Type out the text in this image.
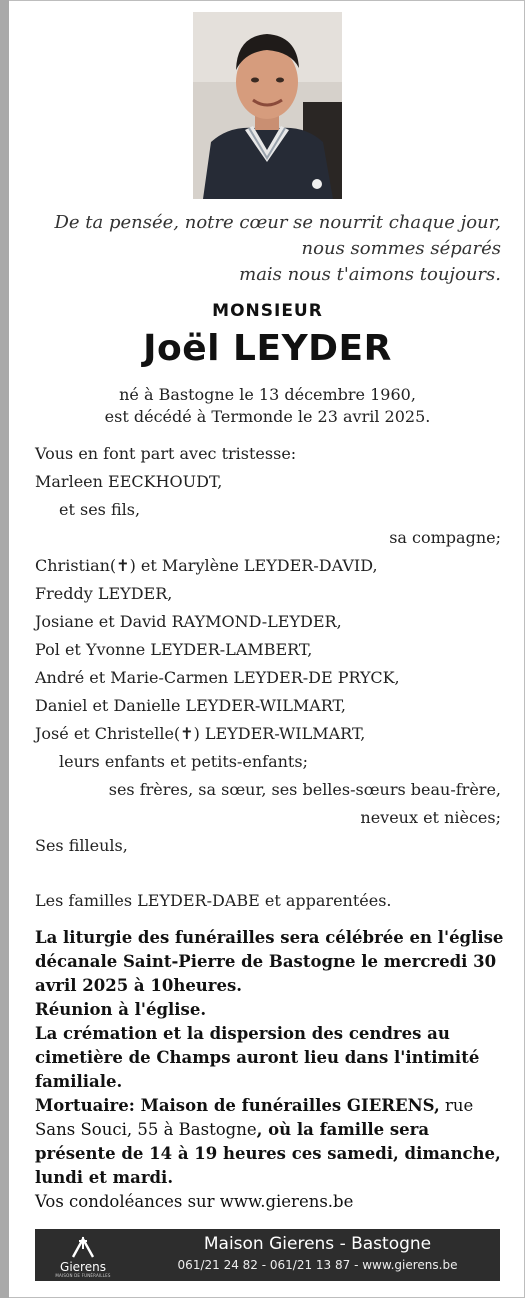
De ta pensée, notre cœur se nourrit chaque jour,
nous sommes séparés
mais nous t'aimons toujours.
MONSIEUR
Joël LEYDER
né à Bastogne le 13 décembre 1960,
est décédé à Termonde le 23 avril 2025.
Vous en font part avec tristesse:
Marleen EECKHOUDT,
et ses fils,
sa compagne;
Christian(✝) et Marylène LEYDER-DAVID,
Freddy LEYDER,
Josiane et David RAYMOND-LEYDER,
Pol et Yvonne LEYDER-LAMBERT,
André et Marie-Carmen LEYDER-DE PRYCK,
Daniel et Danielle LEYDER-WILMART,
José et Christelle(✝) LEYDER-WILMART,
leurs enfants et petits-enfants;
ses frères, sa sœur, ses belles-sœurs beau-frère,
neveux et nièces;
Ses filleuls,
Les familles LEYDER-DABE et apparentées.

La liturgie des funérailles sera célébrée en l'église décanale Saint-Pierre de Bastogne le mercredi 30 avril 2025 à 10heures.

Réunion à l'église.

La crémation et la dispersion des cendres au cimetière de Champs auront lieu dans l'intimité familiale.

Mortuaire: Maison de funérailles GIERENS, rue Sans Souci, 55 à Bastogne, où la famille sera présente de 14 à 19 heures ces samedi, dimanche, lundi et mardi.

Vos condoléances sur www.gierens.be

Gierens
MAISON DE FUNÉRAILLES
Maison Gierens - Bastogne
061/21 24 82 - 061/21 13 87 - www.gierens.be
